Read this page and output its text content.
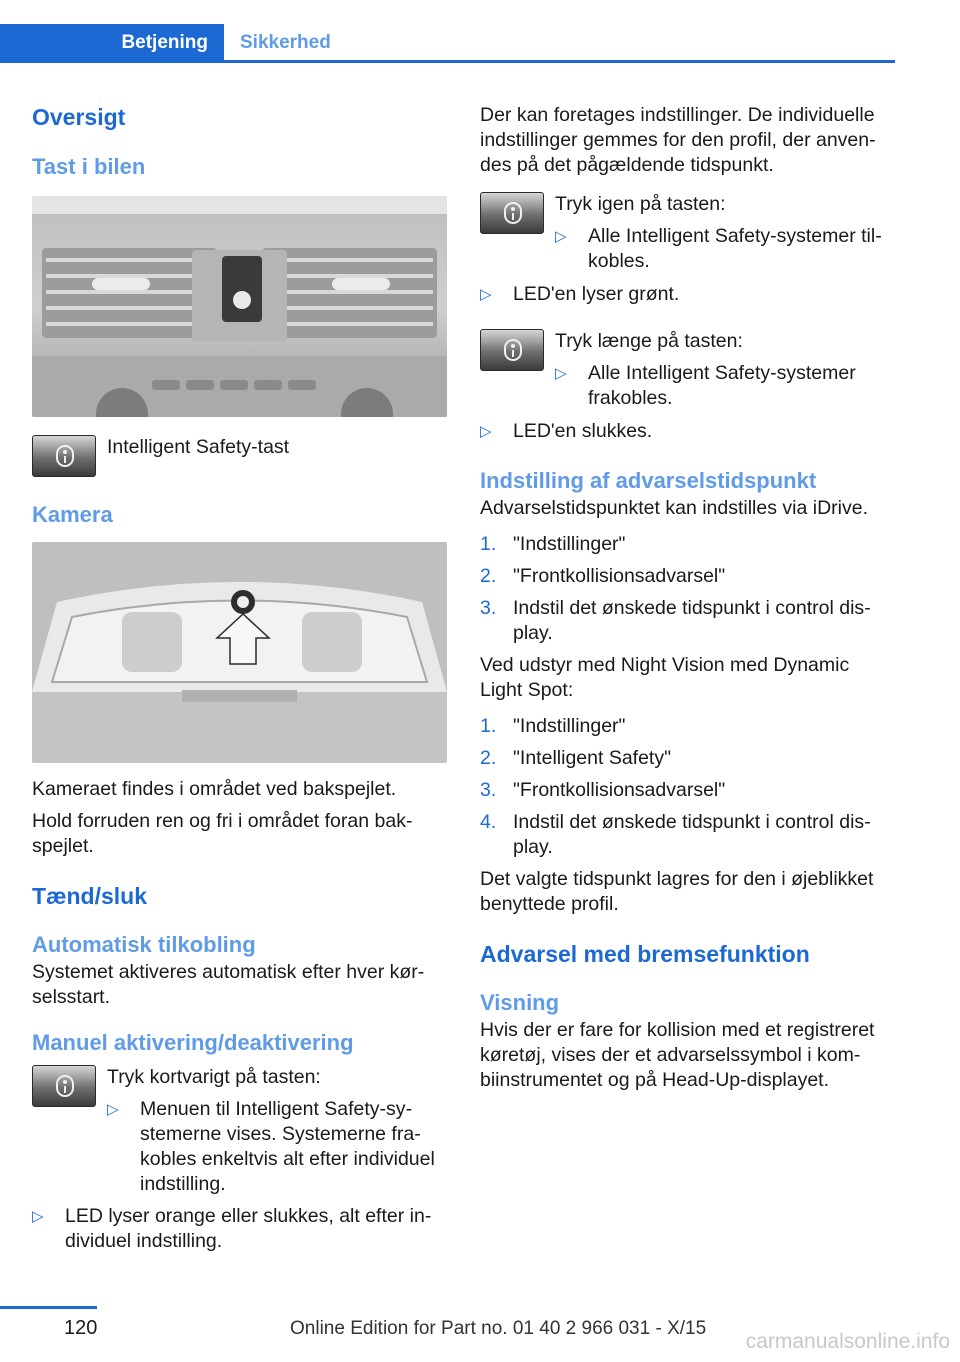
Betjening	Sikkerhed
Oversigt
Tast i bilen
Intelligent Safety-tast
Kamera
Kameraet findes i området ved bakspejlet.
Hold forruden ren og fri i området foran bakspejlet.
Tænd/sluk
Automatisk tilkobling
Systemet aktiveres automatisk efter hver kørselsstart.
Manuel aktivering/deaktivering
Tryk kortvarigt på tasten:
▷	Menuen til Intelligent Safety-systemerne vises. Systemerne frakobles enkeltvis alt efter individuel indstilling.
▷	LED lyser orange eller slukkes, alt efter individuel indstilling.
Der kan foretages indstillinger. De individuelle indstillinger gemmes for den profil, der anvendes på det pågældende tidspunkt.
Tryk igen på tasten:
▷	Alle Intelligent Safety-systemer tilkobles.
▷	LED'en lyser grønt.
Tryk længe på tasten:
▷	Alle Intelligent Safety-systemer frakobles.
▷	LED'en slukkes.
Indstilling af advarselstidspunkt
Advarselstidspunktet kan indstilles via iDrive.
1. "Indstillinger"
2. "Frontkollisionsadvarsel"
3. Indstil det ønskede tidspunkt i control display.
Ved udstyr med Night Vision med Dynamic Light Spot:
1. "Indstillinger"
2. "Intelligent Safety"
3. "Frontkollisionsadvarsel"
4. Indstil det ønskede tidspunkt i control display.
Det valgte tidspunkt lagres for den i øjeblikket benyttede profil.
Advarsel med bremsefunktion
Visning
Hvis der er fare for kollision med et registreret køretøj, vises der et advarselssymbol i kombiinstrumentet og på Head-Up-displayet.
120	Online Edition for Part no. 01 40 2 966 031 - X/15
carmanualsonline.info
